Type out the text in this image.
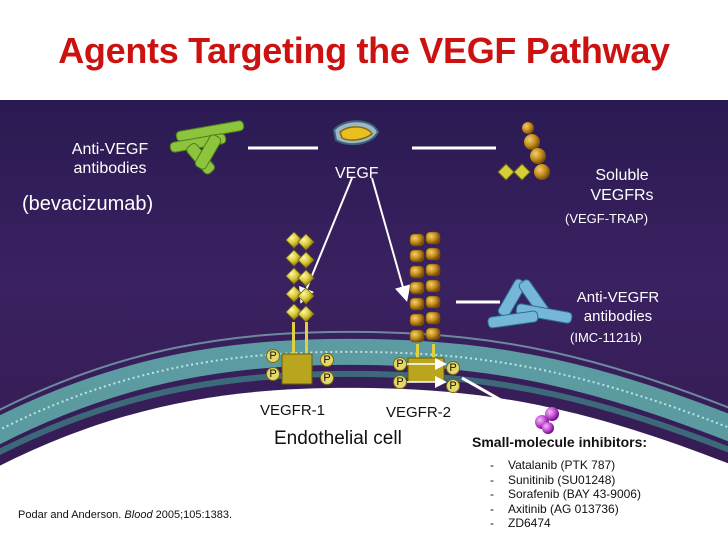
Agents Targeting the VEGF Pathway
P
P
P
P
P
P
P
P
Anti-VEGF
antibodies
(bevacizumab)
VEGF	Soluble
VEGFRs
(VEGF-TRAP)
Anti-VEGFR
antibodies
(IMC-1121b)
VEGFR-1	VEGFR-2
Endothelial cell	Small-molecule inhibitors:
-	Vatalanib (PTK 787)
-	Sunitinib (SU01248)
-	Sorafenib (BAY 43-9006)
-	Axitinib (AG 013736)
-	ZD6474
Podar and Anderson. Blood 2005;105:1383.
67
